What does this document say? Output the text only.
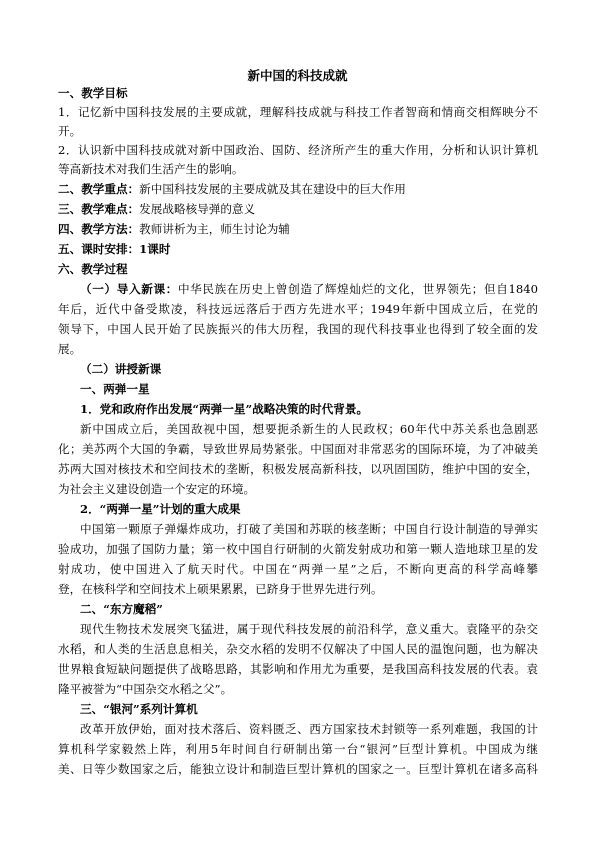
新中国的科技成就
一、教学目标
1．记忆新中国科技发展的主要成就，理解科技成就与科技工作者智商和情商交相辉映分不
开。
2．认识新中国科技成就对新中国政治、国防、经济所产生的重大作用，分析和认识计算机
等高新技术对我们生活产生的影响。
二、教学重点：新中国科技发展的主要成就及其在建设中的巨大作用
三、教学难点：发展战略核导弹的意义
四、教学方法：教师讲析为主，师生讨论为辅
五、课时安排：1课时
六、教学过程
（一）导入新课：中华民族在历史上曾创造了辉煌灿烂的文化，世界领先；但自1840
年后，近代中备受欺凌，科技远远落后于西方先进水平；1949年新中国成立后，在党的
领导下，中国人民开始了民族振兴的伟大历程，我国的现代科技事业也得到了较全面的发
展。
（二）讲授新课
一、两弹一星
1．党和政府作出发展“两弹一星”战略决策的时代背景。
新中国成立后，美国敌视中国，想要扼杀新生的人民政权；60年代中苏关系也急剧恶
化；美苏两个大国的争霸，导致世界局势紧张。中国面对非常恶劣的国际环境，为了冲破美
苏两大国对核技术和空间技术的垄断，积极发展高新科技，以巩固国防，维护中国的安全，
为社会主义建设创造一个安定的环境。
2．“两弹一星”计划的重大成果
中国第一颗原子弹爆炸成功，打破了美国和苏联的核垄断；中国自行设计制造的导弹实
验成功，加强了国防力量；第一枚中国自行研制的火箭发射成功和第一颗人造地球卫星的发
射成功，使中国进入了航天时代。中国在“两弹一星”之后，不断向更高的科学高峰攀
登，在核科学和空间技术上硕果累累，已跻身于世界先进行列。
二、“东方魔稻”
现代生物技术发展突飞猛进，属于现代科技发展的前沿科学，意义重大。袁隆平的杂交
水稻，和人类的生活息息相关，杂交水稻的发明不仅解决了中国人民的温饱问题，也为解决
世界粮食短缺问题提供了战略思路，其影响和作用尤为重要，是我国高科技发展的代表。袁
隆平被誉为“中国杂交水稻之父”。
三、“银河”系列计算机
改革开放伊始，面对技术落后、资料匮乏、西方国家技术封锁等一系列难题，我国的计
算机科学家毅然上阵，利用5年时间自行研制出第一台“银河”巨型计算机。中国成为继
美、日等少数国家之后，能独立设计和制造巨型计算机的国家之一。巨型计算机在诸多高科
